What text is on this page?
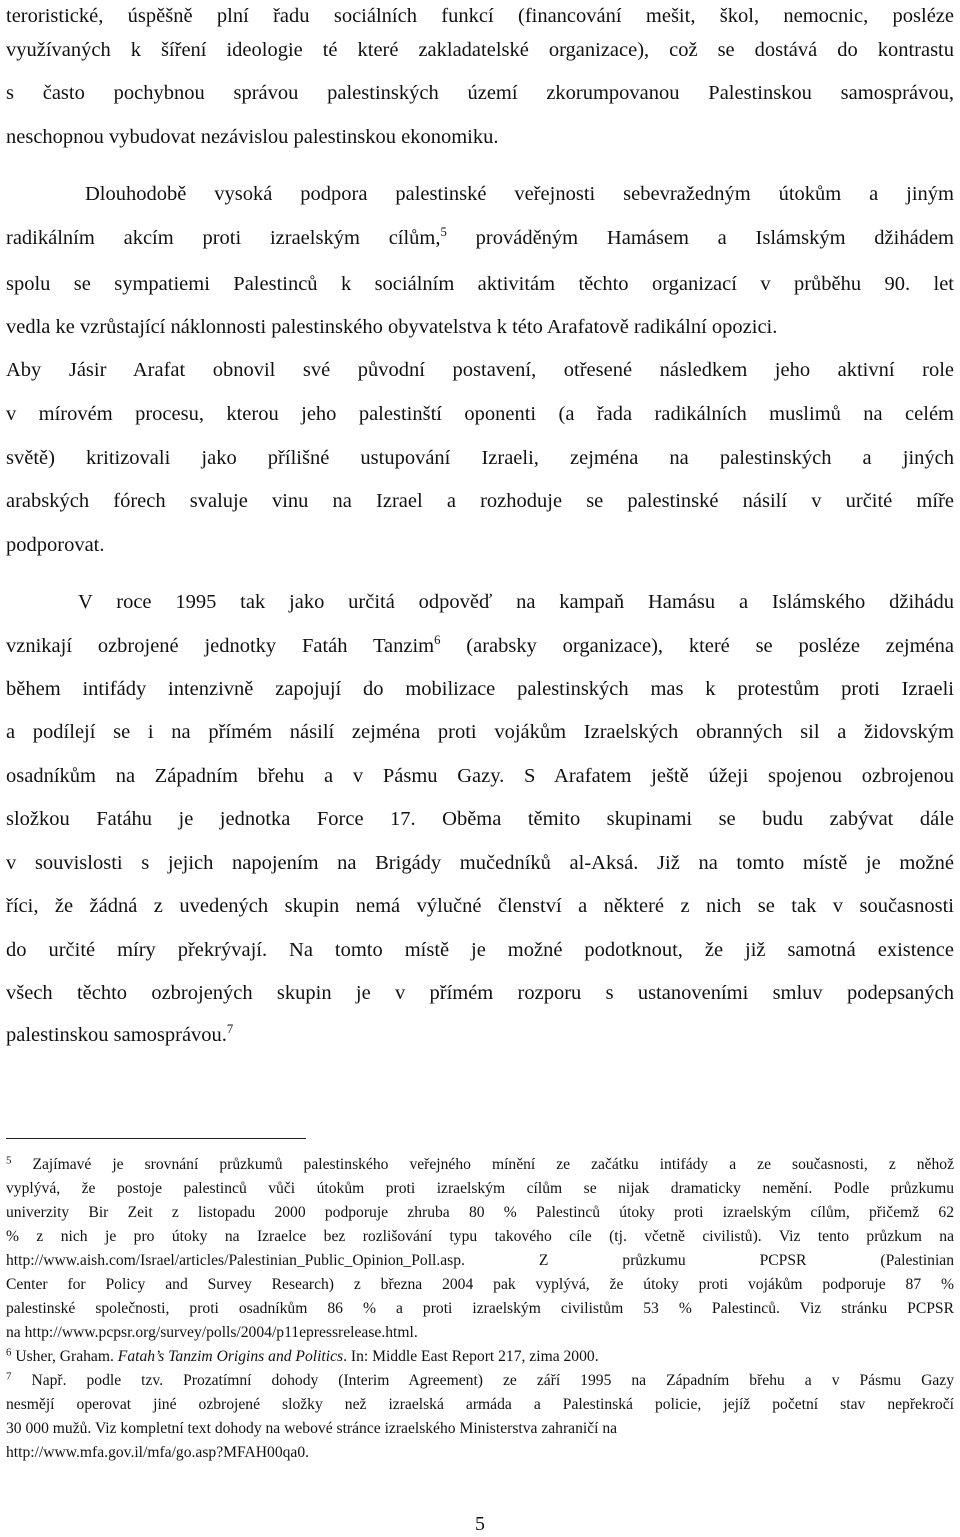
teroristické, úspěšně plní řadu sociálních funkcí (financování mešit, škol, nemocnic, posléze
využívaných k šíření ideologie té které zakladatelské organizace), což se dostává do kontrastu
s často pochybnou správou palestinských území zkorumpovanou Palestinskou samosprávou,
neschopnou vybudovat nezávislou palestinskou ekonomiku.
Dlouhodobě vysoká podpora palestinské veřejnosti sebevražedným útokům a jiným
radikálním akcím proti izraelským cílům,$^5$ prováděným Hamásem a Islámským džihádem
spolu se sympatiemi Palestinců k sociálním aktivitám těchto organizací v průběhu 90. let
vedla ke vzrůstající náklonnosti palestinského obyvatelstva k této Arafatově radikální opozici.
Aby Jásir Arafat obnovil své původní postavení, otřesené následkem jeho aktivní role
v mírovém procesu, kterou jeho palestinští oponenti (a řada radikálních muslimů na celém
světě) kritizovali jako přílišné ustupování Izraeli, zejména na palestinských a jiných
arabských fórech svaluje vinu na Izrael a rozhoduje se palestinské násilí v určité míře
podporovat.
V roce 1995 tak jako určitá odpověď na kampaň Hamásu a Islámského džihádu
vznikají ozbrojené jednotky Fatáh Tanzim$^6$ (arabsky organizace), které se posléze zejména
během intifády intenzivně zapojují do mobilizace palestinských mas k protestům proti Izraeli
a podílejí se i na přímém násilí zejména proti vojákům Izraelských obranných sil a židovským
osadníkům na Západním břehu a v Pásmu Gazy. S Arafatem ještě úžeji spojenou ozbrojenou
složkou Fatáhu je jednotka Force 17. Oběma těmito skupinami se budu zabývat dále
v souvislosti s jejich napojením na Brigády mučedníků al-Aksá. Již na tomto místě je možné
říci, že žádná z uvedených skupin nemá výlučné členství a některé z nich se tak v současnosti
do určité míry překrývají. Na tomto místě je možné podotknout, že již samotná existence
všech těchto ozbrojených skupin je v přímém rozporu s ustanoveními smluv podepsaných
palestinskou samosprávou.$^7$
$^5$ Zajímavé je srovnání průzkumů palestinského veřejného mínění ze začátku intifády a ze současnosti, z něhož
vyplývá, že postoje palestinců vůči útokům proti izraelským cílům se nijak dramaticky nemění. Podle průzkumu
univerzity Bir Zeit z listopadu 2000 podporuje zhruba 80 % Palestinců útoky proti izraelským cílům, přičemž 62
% z nich je pro útoky na Izraelce bez rozlišování typu takového cíle (tj. včetně civilistů). Viz tento průzkum na
http://www.aish.com/Israel/articles/Palestinian_Public_Opinion_Poll.asp. Z průzkumu PCPSR (Palestinian
Center for Policy and Survey Research) z března 2004 pak vyplývá, že útoky proti vojákům podporuje 87 %
palestinské společnosti, proti osadníkům 86 % a proti izraelským civilistům 53 % Palestinců. Viz stránku PCPSR
na http://www.pcpsr.org/survey/polls/2004/p11epressrelease.html.
$^6$ Usher, Graham. Fatah’s Tanzim Origins and Politics. In: Middle East Report 217, zima 2000.
$^7$ Např. podle tzv. Prozatímní dohody (Interim Agreement) ze září 1995 na Západním břehu a v Pásmu Gazy
nesmějí operovat jiné ozbrojené složky než izraelská armáda a Palestinská policie, jejíž početní stav nepřekročí
30 000 mužů. Viz kompletní text dohody na webové stránce izraelského Ministerstva zahraničí na
http://www.mfa.gov.il/mfa/go.asp?MFAH00qa0.
5
